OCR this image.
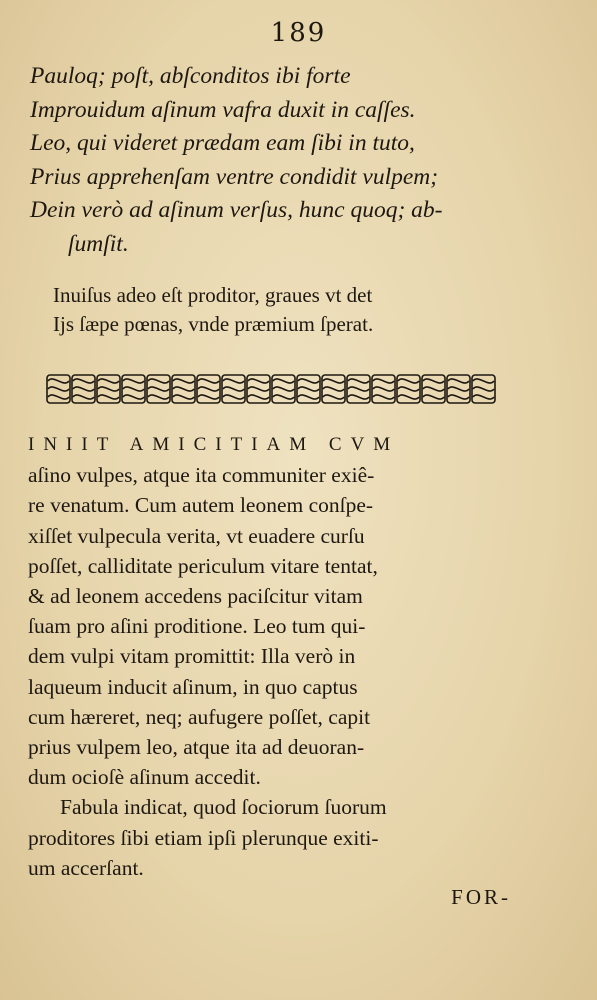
189
Pauloq; poſt, abſconditos ibi forte
Improuidum aſinum vafra duxit in caſſes.
Leo, qui videret prædam eam ſibi in tuto,
Prius apprehenſam ventre condidit vulpem;
Dein verò ad aſinum verſus, hunc quoq; ab-
ſumſit.
Inuiſus adeo eſt proditor, graues vt det
Ijs ſæpe pœnas, vnde præmium ſperat.
INIIT AMICITIAM CVM
aſino vulpes, atque ita communiter exiê-
re venatum. Cum autem leonem conſpe-
xiſſet vulpecula verita, vt euadere curſu
poſſet, calliditate periculum vitare tentat,
& ad leonem accedens paciſcitur vitam
ſuam pro aſini proditione. Leo tum qui-
dem vulpi vitam promittit: Illa verò in
laqueum inducit aſinum, in quo captus
cum hæreret, neq; aufugere poſſet, capit
prius vulpem leo, atque ita ad deuoran-
dum ocioſè aſinum accedit.
Fabula indicat, quod ſociorum ſuorum
proditores ſibi etiam ipſi plerunque exiti-
um accerſant.
FOR-
